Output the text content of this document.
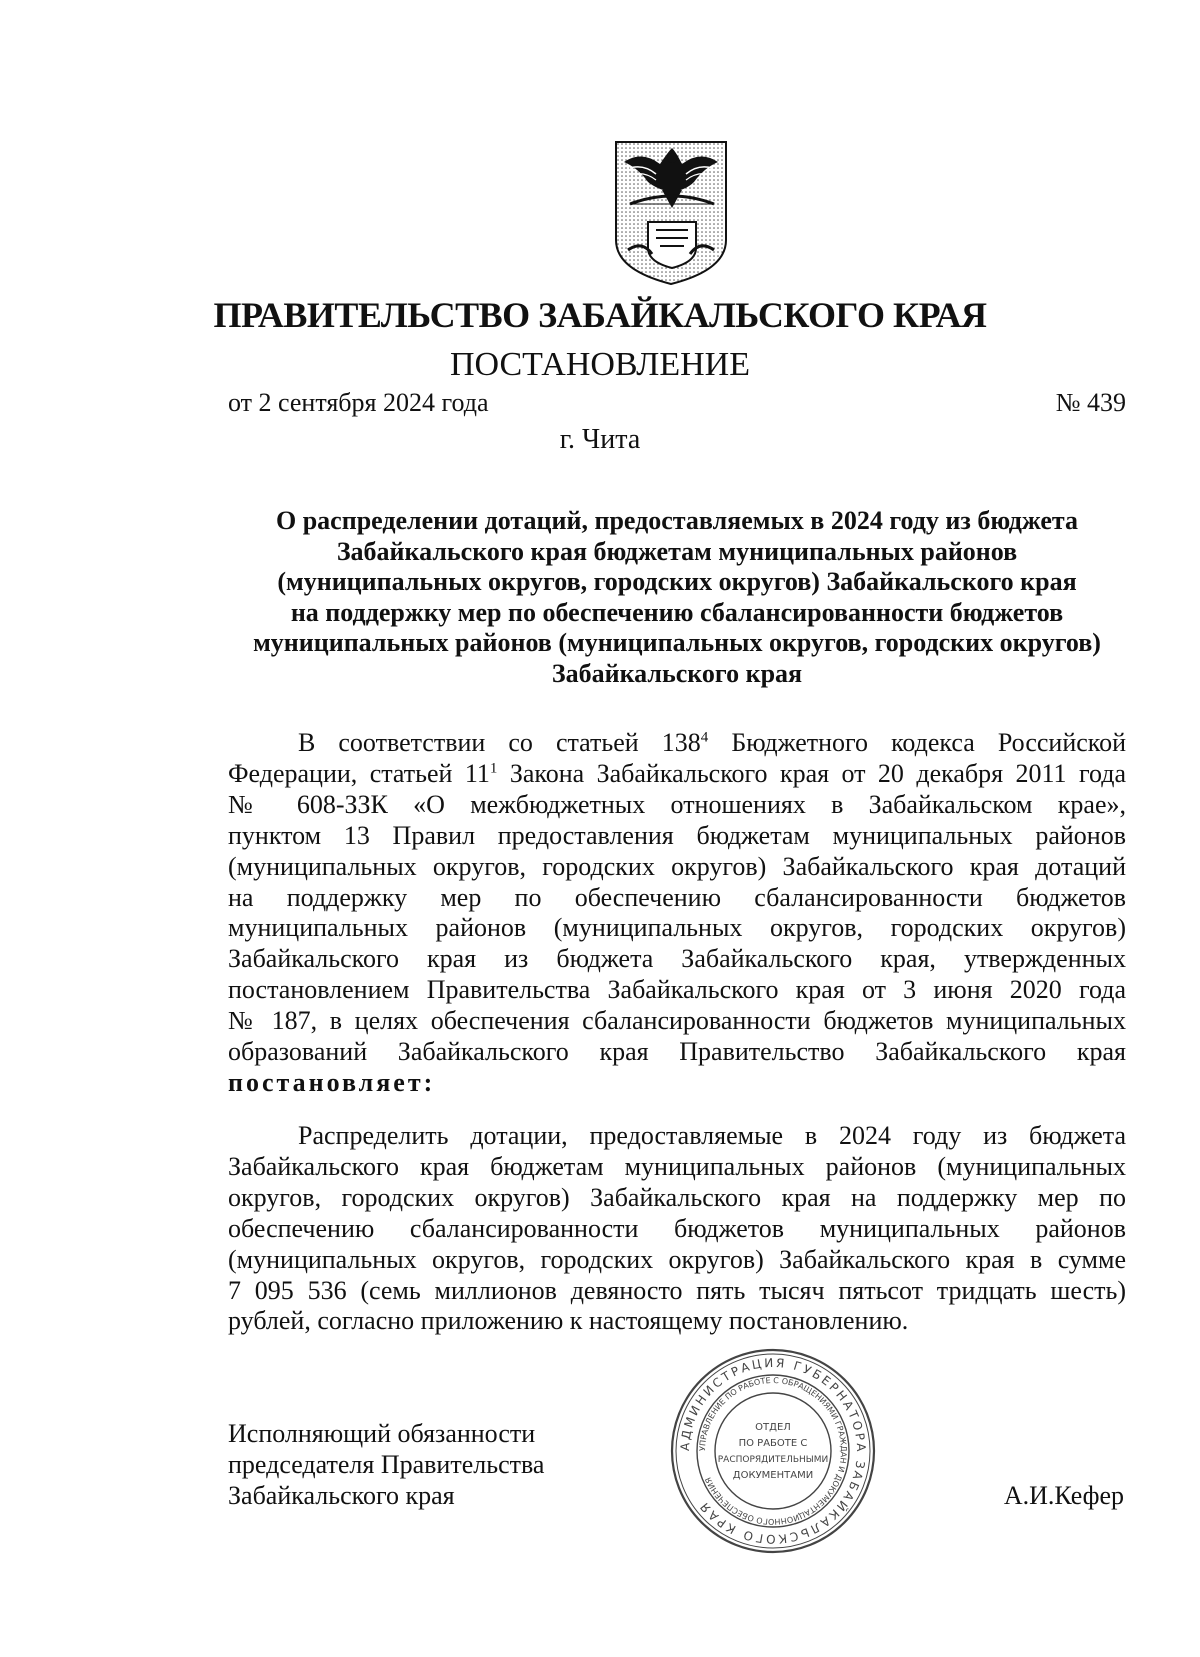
ПРАВИТЕЛЬСТВО ЗАБАЙКАЛЬСКОГО КРАЯ
ПОСТАНОВЛЕНИЕ

от 2 сентября 2024 года	№ 439

г. Чита

О распределении дотаций, предоставляемых в 2024 году из бюджета
Забайкальского края бюджетам муниципальных районов
(муниципальных округов, городских округов) Забайкальского края
на поддержку мер по обеспечению сбалансированности бюджетов
муниципальных районов (муниципальных округов, городских округов)
Забайкальского края
В соответствии со статьей $138^4$ Бюджетного кодекса Российской
Федерации, статьей $11^1$ Закона Забайкальского края от 20 декабря 2011 года
№ 608-ЗЗК «О межбюджетных отношениях в Забайкальском крае»,
пунктом 13 Правил предоставления бюджетам муниципальных районов
(муниципальных округов, городских округов) Забайкальского края дотаций
на поддержку мер по обеспечению сбалансированности бюджетов
муниципальных районов (муниципальных округов, городских округов)
Забайкальского края из бюджета Забайкальского края, утвержденных
постановлением Правительства Забайкальского края от 3 июня 2020 года
№ 187, в целях обеспечения сбалансированности бюджетов муниципальных
образований Забайкальского края Правительство Забайкальского края
постановляет:
Распределить дотации, предоставляемые в 2024 году из бюджета
Забайкальского края бюджетам муниципальных районов (муниципальных
округов, городских округов) Забайкальского края на поддержку мер по
обеспечению сбалансированности бюджетов муниципальных районов
(муниципальных округов, городских округов) Забайкальского края в сумме
7 095 536 (семь миллионов девяносто пять тысяч пятьсот тридцать шесть)
рублей, согласно приложению к настоящему постановлению.
Исполняющий обязанности
председателя Правительства
Забайкальского края	А.И.Кефер
АДМИНИСТРАЦИЯ ГУБЕРНАТОРА ЗАБАЙКАЛЬСКОГО КРАЯ
УПРАВЛЕНИЕ ПО РАБОТЕ С ОБРАЩЕНИЯМИ ГРАЖДАН И ДОКУМЕНТАЦИОННОГО ОБЕСПЕЧЕНИЯ
ОТДЕЛ
ПО РАБОТЕ С
РАСПОРЯДИТЕЛЬНЫМИ
ДОКУМЕНТАМИ
